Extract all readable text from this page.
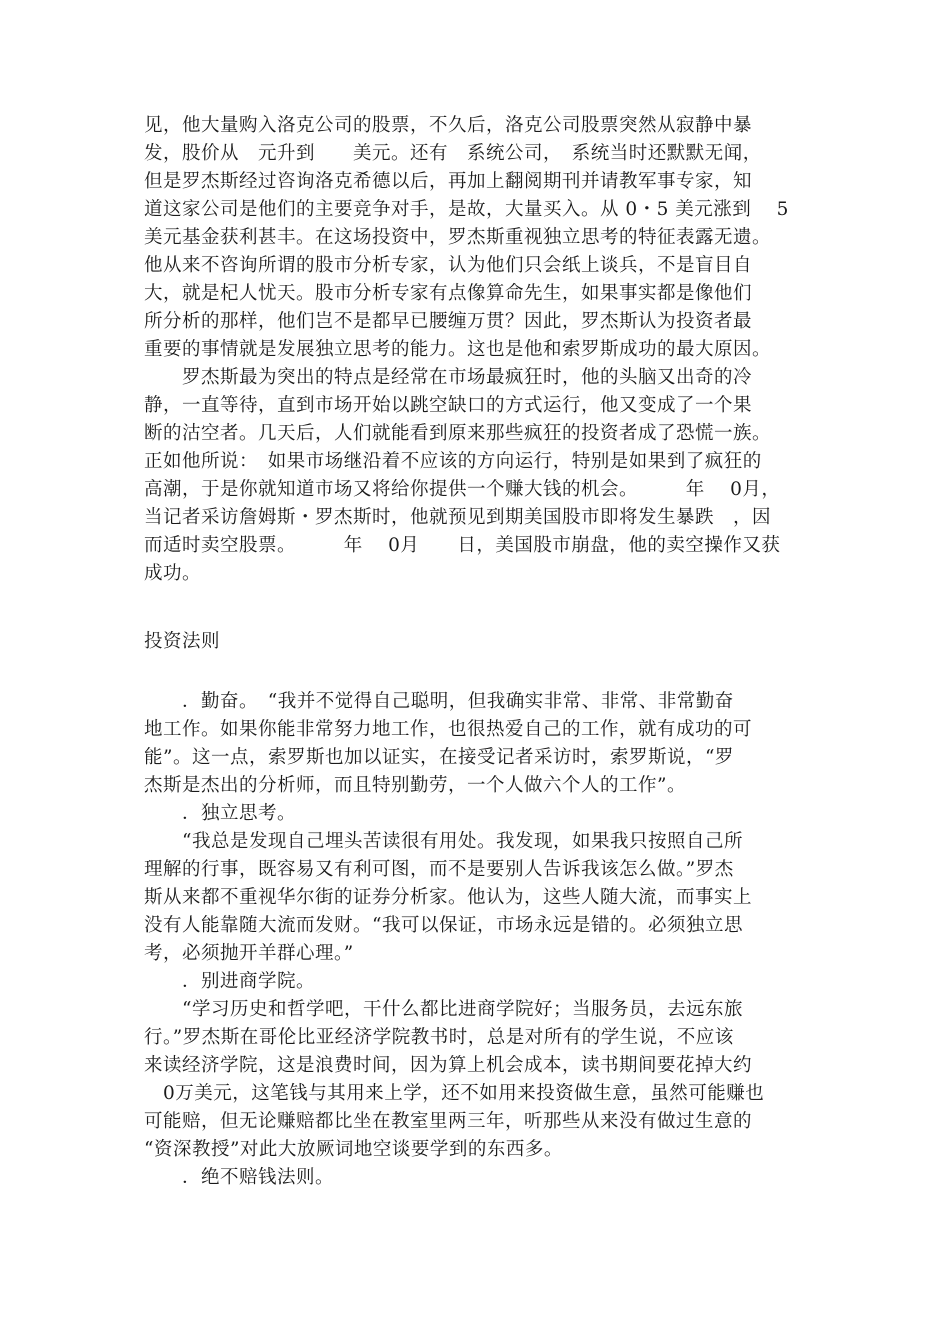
见，他大量购入洛克公司的股票，不久后，洛克公司股票突然从寂静中暴
发，股价从　元升到　　美元。还有　系统公司，　系统当时还默默无闻，
但是罗杰斯经过咨询洛克希德以后，再加上翻阅期刊并请教军事专家，知
道这家公司是他们的主要竞争对手，是故，大量买入。从 0・5 美元涨到　 5
美元基金获利甚丰。在这场投资中，罗杰斯重视独立思考的特征表露无遗。
他从来不咨询所谓的股市分析专家，认为他们只会纸上谈兵，不是盲目自
大，就是杞人忧天。股市分析专家有点像算命先生，如果事实都是像他们
所分析的那样，他们岂不是都早已腰缠万贯？因此，罗杰斯认为投资者最
重要的事情就是发展独立思考的能力。这也是他和索罗斯成功的最大原因。
　　罗杰斯最为突出的特点是经常在市场最疯狂时，他的头脑又出奇的冷
静，一直等待，直到市场开始以跳空缺口的方式运行，他又变成了一个果
断的沽空者。几天后，人们就能看到原来那些疯狂的投资者成了恐慌一族。
正如他所说：　如果市场继沿着不应该的方向运行，特别是如果到了疯狂的
高潮，于是你就知道市场又将给你提供一个赚大钱的机会。　　　年　 0月，
当记者采访詹姆斯・罗杰斯时，他就预见到期美国股市即将发生暴跌　，因
而适时卖空股票。　　　年　 0月　　日，美国股市崩盘，他的卖空操作又获
成功。
投资法则
　　．勤奋。　“我并不觉得自己聪明，但我确实非常、非常、非常勤奋
地工作。如果你能非常努力地工作，也很热爱自己的工作，就有成功的可
能”。这一点，索罗斯也加以证实，在接受记者采访时，索罗斯说，“罗
杰斯是杰出的分析师，而且特别勤劳，一个人做六个人的工作”。
　　．独立思考。
　　“我总是发现自己埋头苦读很有用处。我发现，如果我只按照自己所
理解的行事，既容易又有利可图，而不是要别人告诉我该怎么做。”罗杰
斯从来都不重视华尔街的证券分析家。他认为，这些人随大流，而事实上
没有人能靠随大流而发财。“我可以保证，市场永远是错的。必须独立思
考，必须抛开羊群心理。”
　　．别进商学院。
　　“学习历史和哲学吧，干什么都比进商学院好；当服务员，去远东旅
行。”罗杰斯在哥伦比亚经济学院教书时，总是对所有的学生说，不应该
来读经济学院，这是浪费时间，因为算上机会成本，读书期间要花掉大约
　0万美元，这笔钱与其用来上学，还不如用来投资做生意，虽然可能赚也
可能赔，但无论赚赔都比坐在教室里两三年，听那些从来没有做过生意的
“资深教授”对此大放厥词地空谈要学到的东西多。
　　．绝不赔钱法则。
